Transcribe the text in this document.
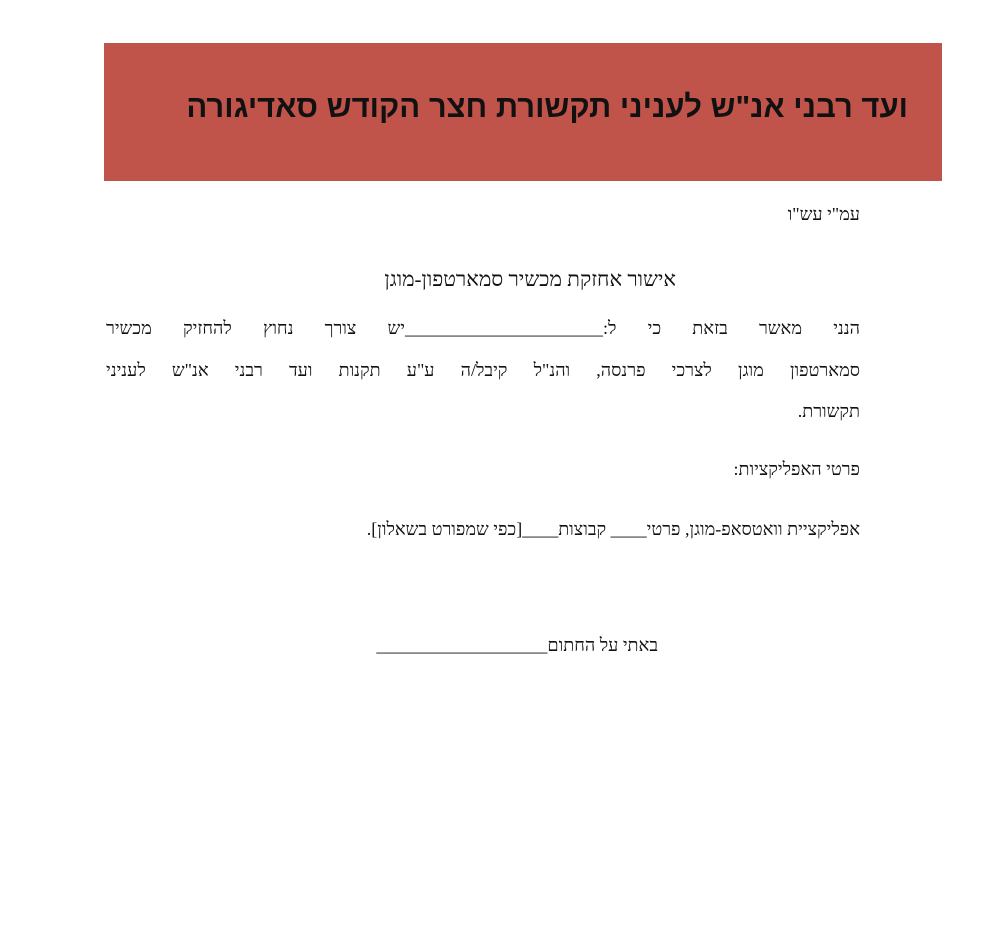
ועד רבני אנ"ש לעניני תקשורת חצר הקודש סאדיגורה
עמ"י עש"ו
אישור אחזקת מכשיר סמארטפון-מוגן
הנני מאשר בזאת כי ל:______________________יש צורך נחוץ להחזיק מכשיר
סמארטפון מוגן לצרכי פרנסה, והנ"ל קיבל/ה ע"ע תקנות ועד רבני אנ"ש לעניני
תקשורת.
פרטי האפליקציות:
אפליקציית וואטסאפ-מוגן, פרטי____ קבוצות____[כפי שמפורט בשאלון].
באתי על החתום___________________
